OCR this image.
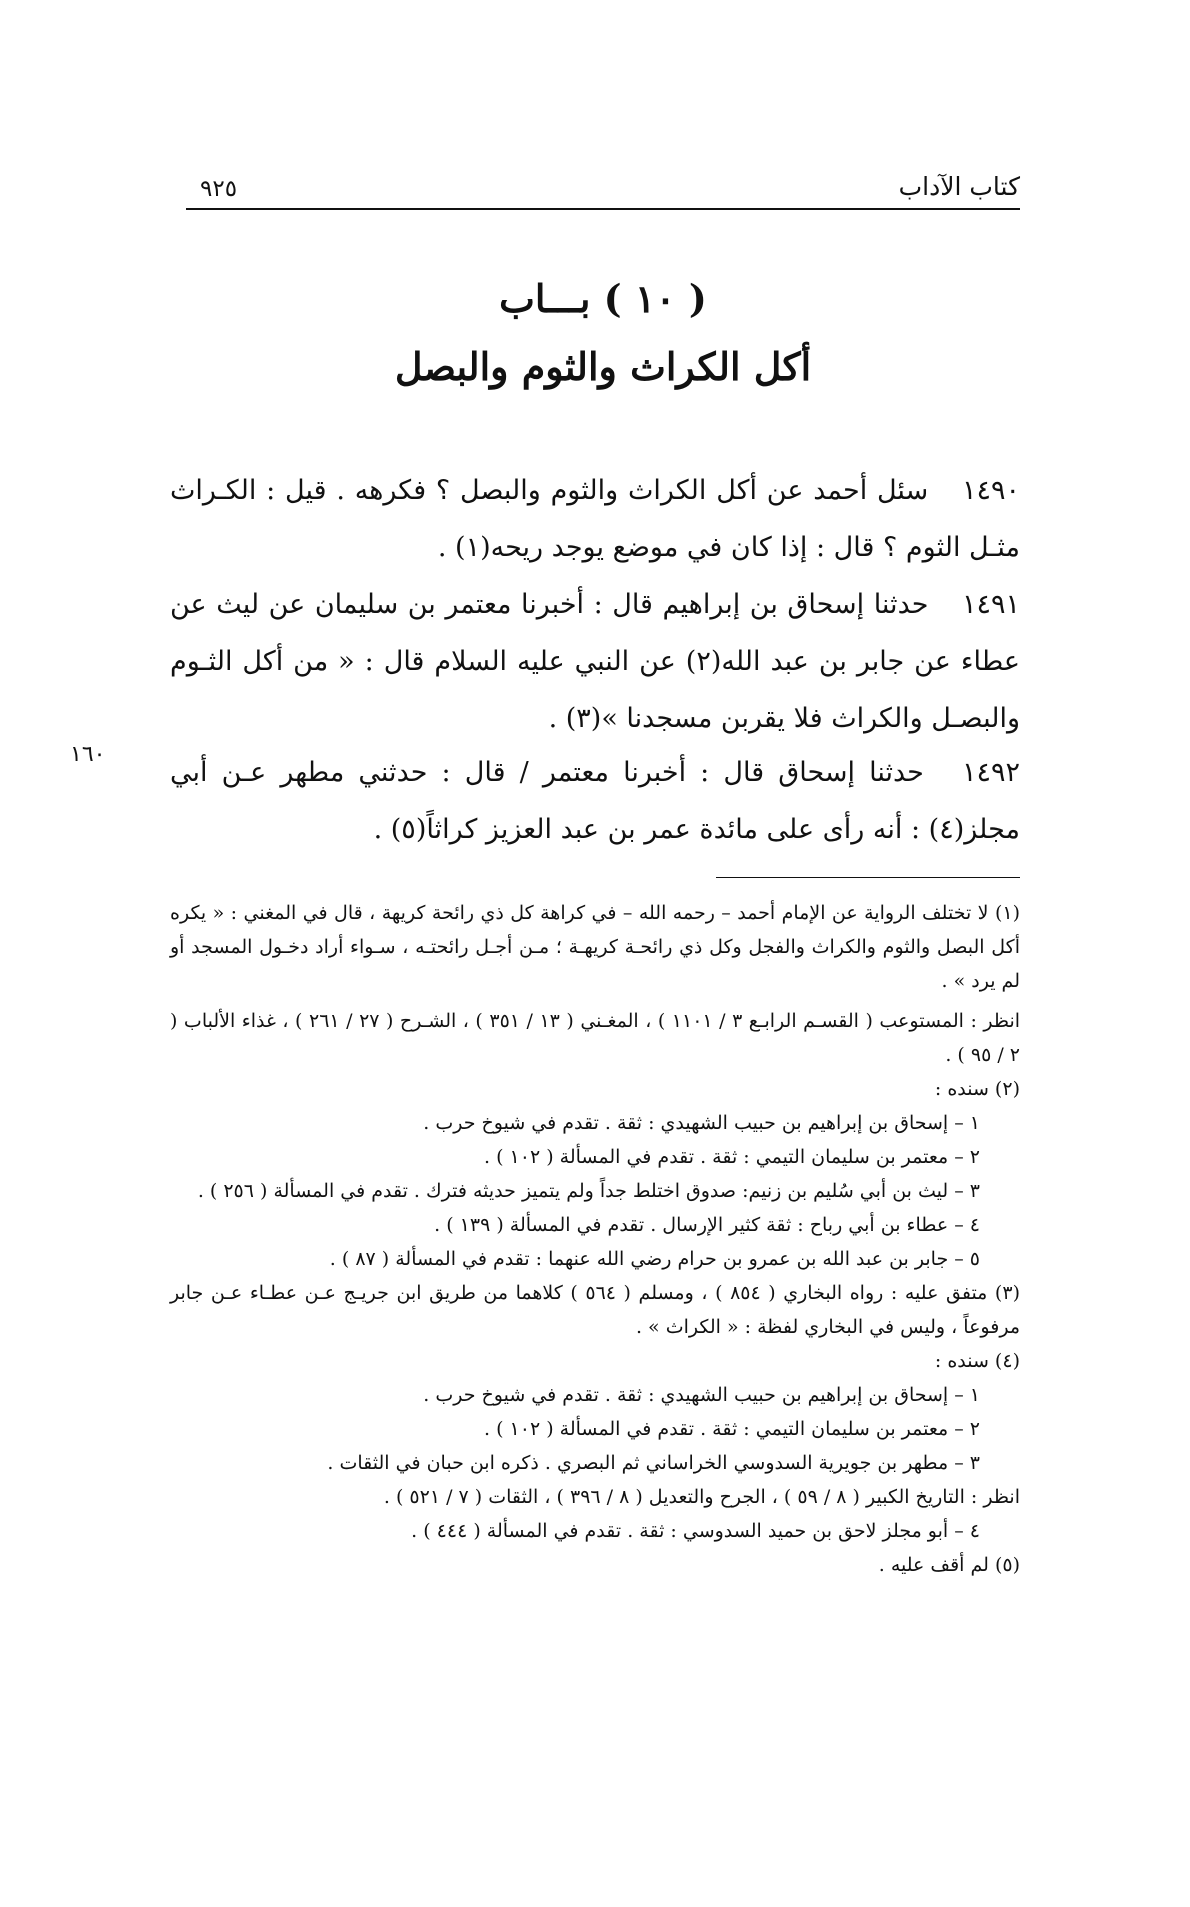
كتاب الآداب
٩٢٥
( ١٠ ) بـــاب
أكل الكراث والثوم والبصل
١٤٩٠ سئل أحمد عن أكل الكراث والثوم والبصل ؟ فكرهه . قيل : الكـراث مثـل الثوم ؟ قال : إذا كان في موضع يوجد ريحه(١) .
١٤٩١ حدثنا إسحاق بن إبراهيم قال : أخبرنا معتمر بن سليمان عن ليث عن عطاء عن جابر بن عبد الله(٢) عن النبي عليه السلام قال : « من أكل الثـوم والبصـل والكراث فلا يقربن مسجدنا »(٣) .
١٤٩٢ حدثنا إسحاق قال : أخبرنا معتمر / قال : حدثني مطهر عـن أبي مجلز(٤) : أنه رأى على مائدة عمر بن عبد العزيز كراثاً(٥) .
١٦٠

(١) لا تختلف الرواية عن الإمام أحمد – رحمه الله – في كراهة كل ذي رائحة كريهة ، قال في المغني : « يكره أكل البصل والثوم والكراث والفجل وكل ذي رائحـة كريهـة ؛ مـن أجـل رائحتـه ، سـواء أراد دخـول المسجد أو لم يرد » .

انظر : المستوعب ( القسـم الرابـع ٣ / ١١٠١ ) ، المغـني ( ١٣ / ٣٥١ ) ، الشـرح ( ٢٧ / ٢٦١ ) ، غذاء الألباب ( ٢ / ٩٥ ) .

(٢) سنده :

١ – إسحاق بن إبراهيم بن حبيب الشهيدي : ثقة . تقدم في شيوخ حرب .

٢ – معتمر بن سليمان التيمي : ثقة . تقدم في المسألة ( ١٠٢ ) .

٣ – ليث بن أبي سُليم بن زنيم: صدوق اختلط جداً ولم يتميز حديثه فترك . تقدم في المسألة ( ٢٥٦ ) .

٤ – عطاء بن أبي رباح : ثقة كثير الإرسال . تقدم في المسألة ( ١٣٩ ) .

٥ – جابر بن عبد الله بن عمرو بن حرام رضي الله عنهما : تقدم في المسألة ( ٨٧ ) .

(٣) متفق عليه : رواه البخاري ( ٨٥٤ ) ، ومسلم ( ٥٦٤ ) كلاهما من طريق ابن جريـج عـن عطـاء عـن جابر مرفوعاً ، وليس في البخاري لفظة : « الكراث » .

(٤) سنده :

١ – إسحاق بن إبراهيم بن حبيب الشهيدي : ثقة . تقدم في شيوخ حرب .

٢ – معتمر بن سليمان التيمي : ثقة . تقدم في المسألة ( ١٠٢ ) .

٣ – مطهر بن جويرية السدوسي الخراساني ثم البصري . ذكره ابن حبان في الثقات .

انظر : التاريخ الكبير ( ٨ / ٥٩ ) ، الجرح والتعديل ( ٨ / ٣٩٦ ) ، الثقات ( ٧ / ٥٢١ ) .

٤ – أبو مجلز لاحق بن حميد السدوسي : ثقة . تقدم في المسألة ( ٤٤٤ ) .

(٥) لم أقف عليه .
